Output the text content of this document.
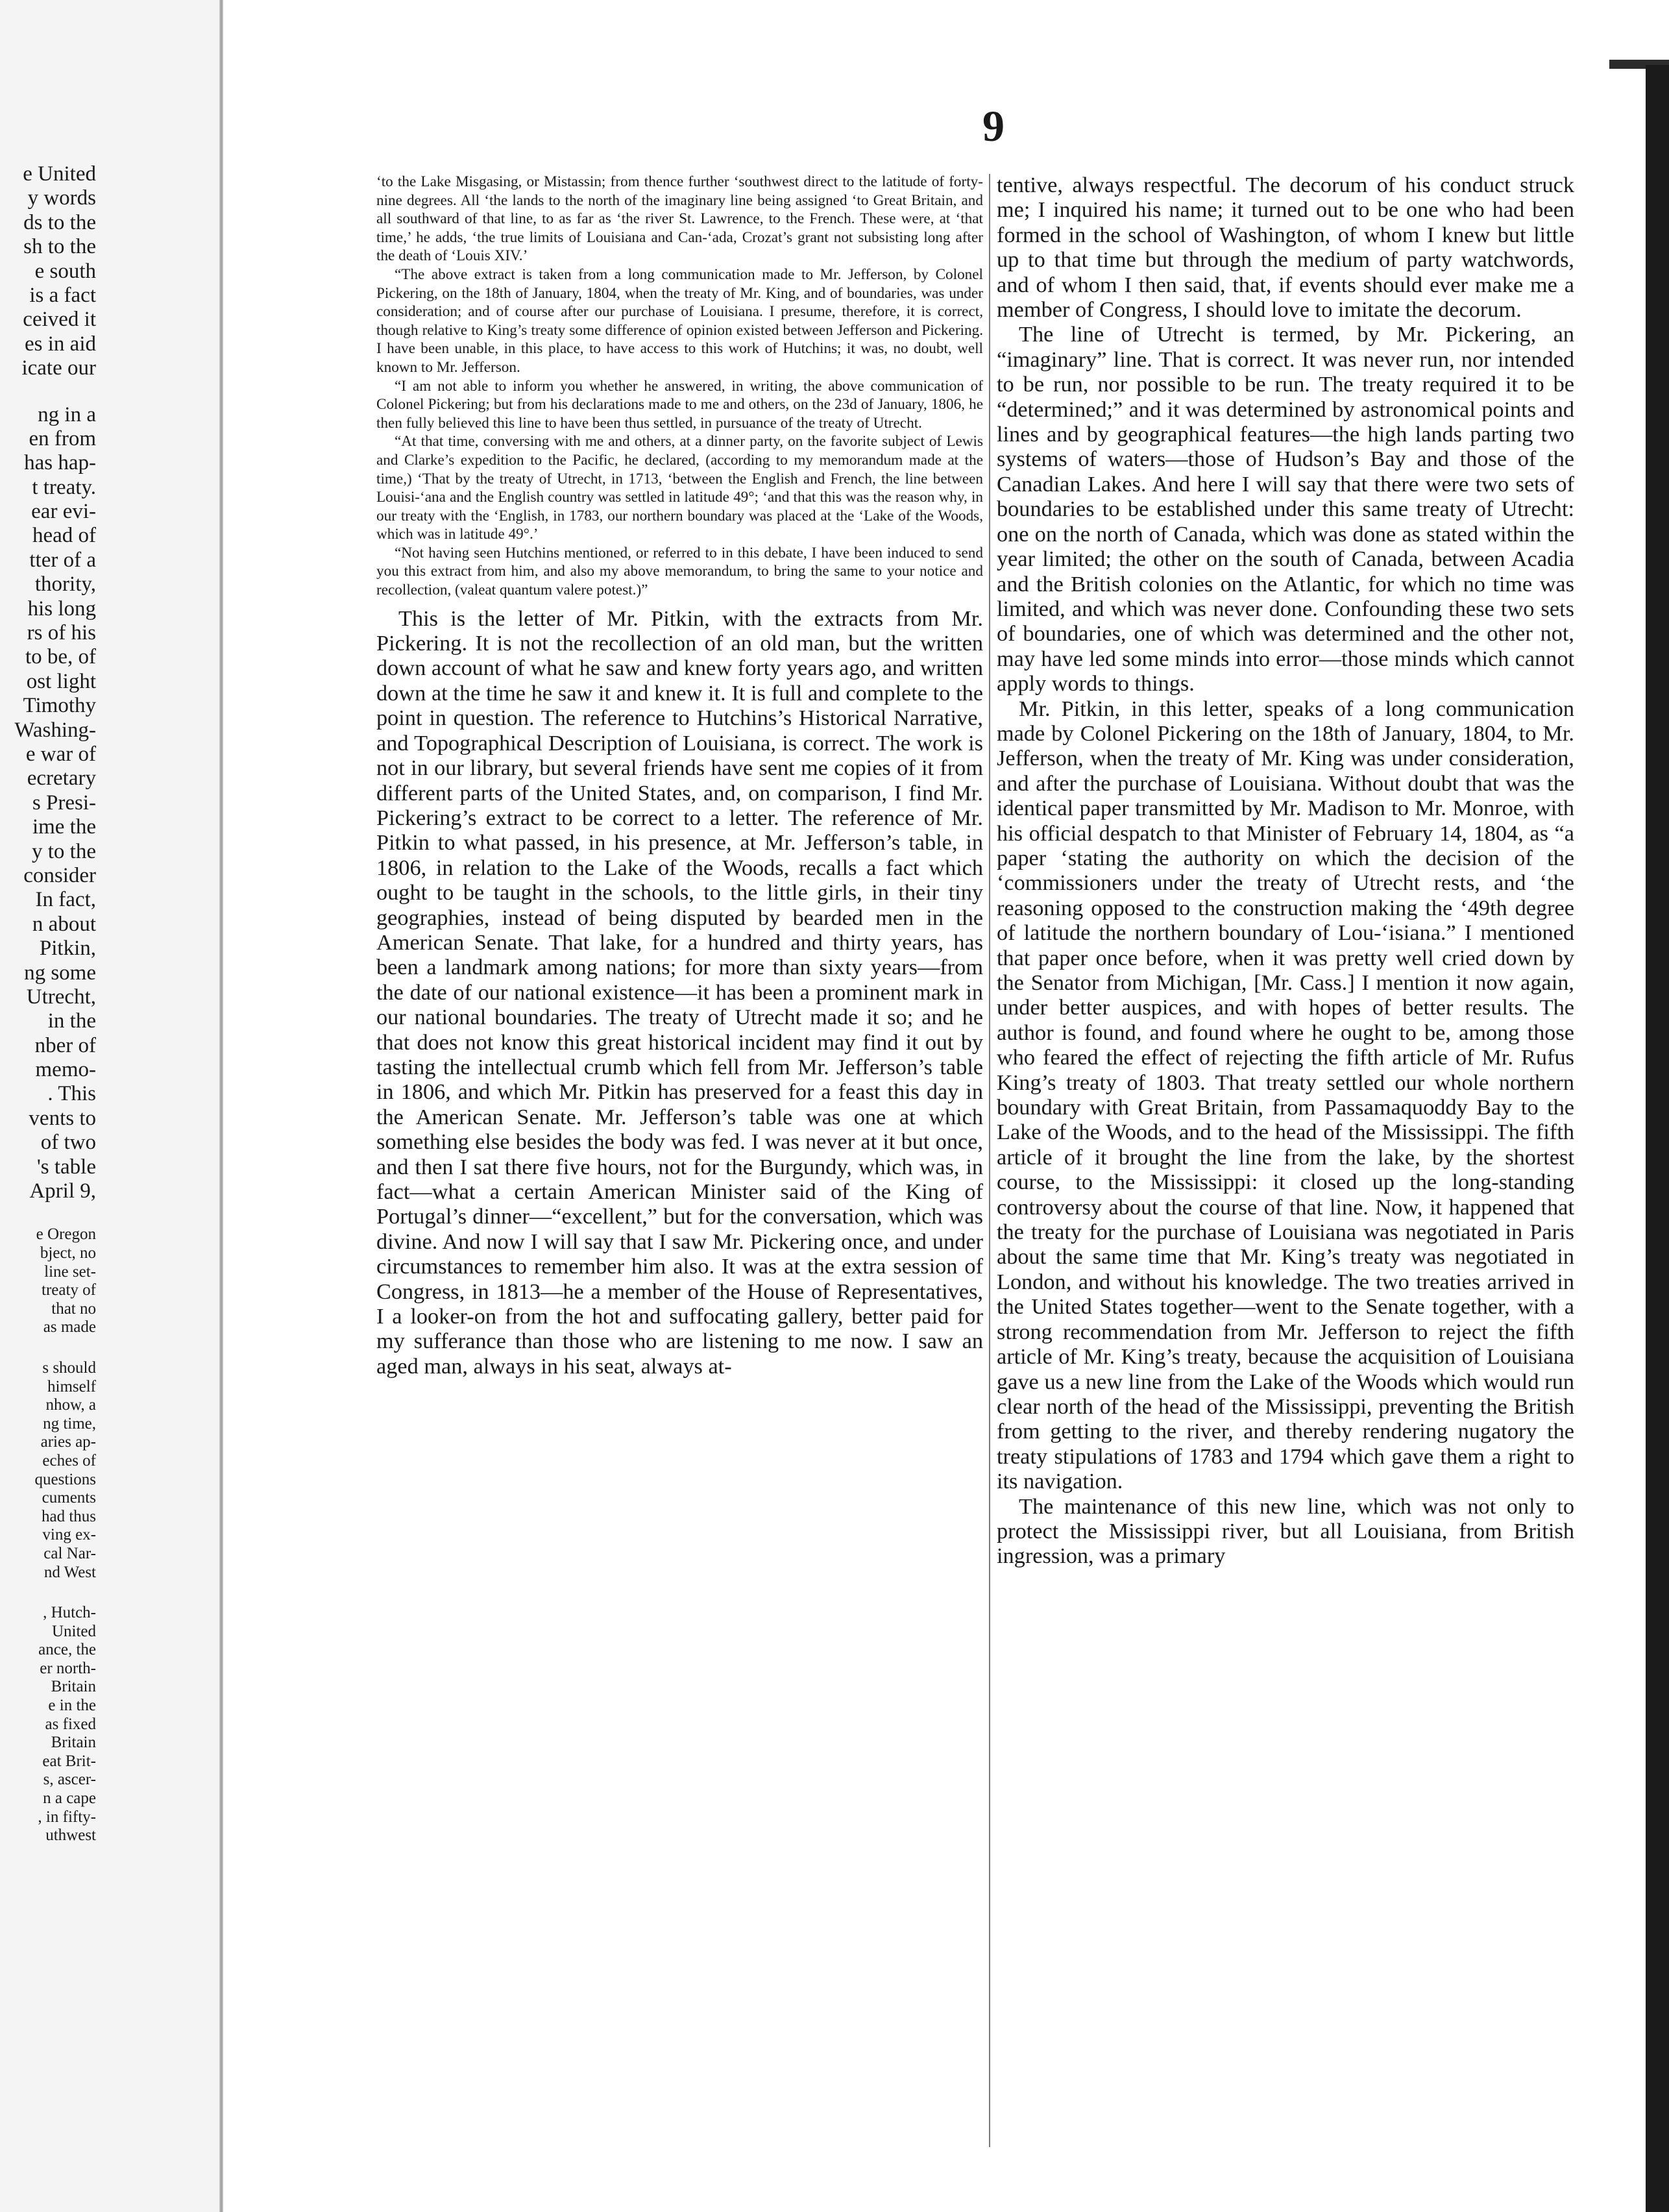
9
e United
y words
ds to the
sh to the
e south
is a fact
ceived it
es in aid
icate our
ng in a
en from
has hap-
t treaty.
ear evi-
head of
tter of a
thority,
his long
rs of his
to be, of
ost light
Timothy
Washing-
e war of
ecretary
s Presi-
ime the
y to the
consider
In fact,
n about
Pitkin,
ng some
Utrecht,
in the
nber of
memo-
. This
vents to
of two
's table
April 9,
e Oregon
bject, no
line set-
treaty of
that no
as made
s should
himself
nhow, a
ng time,
aries ap-
eches of
questions
cuments
had thus
ving ex-
cal Nar-
nd West
, Hutch-
United
ance, the
er north-
Britain
e in the
as fixed
Britain
eat Brit-
s, ascer-
n a cape
, in fifty-
uthwest

‘to the Lake Misgasing, or Mistassin; from thence further ‘southwest direct to the latitude of forty-nine degrees. All ‘the lands to the north of the imaginary line being assigned ‘to Great Britain, and all southward of that line, to as far as ‘the river St. Lawrence, to the French. These were, at ‘that time,’ he adds, ‘the true limits of Louisiana and Can-‘ada, Crozat’s grant not subsisting long after the death of ‘Louis XIV.’

“The above extract is taken from a long communication made to Mr. Jefferson, by Colonel Pickering, on the 18th of January, 1804, when the treaty of Mr. King, and of boundaries, was under consideration; and of course after our purchase of Louisiana. I presume, therefore, it is correct, though relative to King’s treaty some difference of opinion existed between Jefferson and Pickering. I have been unable, in this place, to have access to this work of Hutchins; it was, no doubt, well known to Mr. Jefferson.

“I am not able to inform you whether he answered, in writing, the above communication of Colonel Pickering; but from his declarations made to me and others, on the 23d of January, 1806, he then fully believed this line to have been thus settled, in pursuance of the treaty of Utrecht.

“At that time, conversing with me and others, at a dinner party, on the favorite subject of Lewis and Clarke’s expedition to the Pacific, he declared, (according to my memorandum made at the time,) ‘That by the treaty of Utrecht, in 1713, ‘between the English and French, the line between Louisi-‘ana and the English country was settled in latitude 49°; ‘and that this was the reason why, in our treaty with the ‘English, in 1783, our northern boundary was placed at the ‘Lake of the Woods, which was in latitude 49°.’

“Not having seen Hutchins mentioned, or referred to in this debate, I have been induced to send you this extract from him, and also my above memorandum, to bring the same to your notice and recollection, (valeat quantum valere potest.)”

This is the letter of Mr. Pitkin, with the extracts from Mr. Pickering. It is not the recollection of an old man, but the written down account of what he saw and knew forty years ago, and written down at the time he saw it and knew it. It is full and complete to the point in question. The reference to Hutchins’s Historical Narrative, and Topographical Description of Louisiana, is correct. The work is not in our library, but several friends have sent me copies of it from different parts of the United States, and, on comparison, I find Mr. Pickering’s extract to be correct to a letter. The reference of Mr. Pitkin to what passed, in his presence, at Mr. Jefferson’s table, in 1806, in relation to the Lake of the Woods, recalls a fact which ought to be taught in the schools, to the little girls, in their tiny geographies, instead of being disputed by bearded men in the American Senate. That lake, for a hundred and thirty years, has been a landmark among nations; for more than sixty years—from the date of our national existence—it has been a prominent mark in our national boundaries. The treaty of Utrecht made it so; and he that does not know this great historical incident may find it out by tasting the intellectual crumb which fell from Mr. Jefferson’s table in 1806, and which Mr. Pitkin has preserved for a feast this day in the American Senate. Mr. Jefferson’s table was one at which something else besides the body was fed. I was never at it but once, and then I sat there five hours, not for the Burgundy, which was, in fact—what a certain American Minister said of the King of Portugal’s dinner—“excellent,” but for the conversation, which was divine. And now I will say that I saw Mr. Pickering once, and under circumstances to remember him also. It was at the extra session of Congress, in 1813—he a member of the House of Representatives, I a looker-on from the hot and suffocating gallery, better paid for my sufferance than those who are listening to me now. I saw an aged man, always in his seat, always at-

tentive, always respectful. The decorum of his conduct struck me; I inquired his name; it turned out to be one who had been formed in the school of Washington, of whom I knew but little up to that time but through the medium of party watchwords, and of whom I then said, that, if events should ever make me a member of Congress, I should love to imitate the decorum.

The line of Utrecht is termed, by Mr. Pickering, an “imaginary” line. That is correct. It was never run, nor intended to be run, nor possible to be run. The treaty required it to be “determined;” and it was determined by astronomical points and lines and by geographical features—the high lands parting two systems of waters—those of Hudson’s Bay and those of the Canadian Lakes. And here I will say that there were two sets of boundaries to be established under this same treaty of Utrecht: one on the north of Canada, which was done as stated within the year limited; the other on the south of Canada, between Acadia and the British colonies on the Atlantic, for which no time was limited, and which was never done. Confounding these two sets of boundaries, one of which was determined and the other not, may have led some minds into error—those minds which cannot apply words to things.

Mr. Pitkin, in this letter, speaks of a long communication made by Colonel Pickering on the 18th of January, 1804, to Mr. Jefferson, when the treaty of Mr. King was under consideration, and after the purchase of Louisiana. Without doubt that was the identical paper transmitted by Mr. Madison to Mr. Monroe, with his official despatch to that Minister of February 14, 1804, as “a paper ‘stating the authority on which the decision of the ‘commissioners under the treaty of Utrecht rests, and ‘the reasoning opposed to the construction making the ‘49th degree of latitude the northern boundary of Lou-‘isiana.” I mentioned that paper once before, when it was pretty well cried down by the Senator from Michigan, [Mr. Cass.] I mention it now again, under better auspices, and with hopes of better results. The author is found, and found where he ought to be, among those who feared the effect of rejecting the fifth article of Mr. Rufus King’s treaty of 1803. That treaty settled our whole northern boundary with Great Britain, from Passamaquoddy Bay to the Lake of the Woods, and to the head of the Mississippi. The fifth article of it brought the line from the lake, by the shortest course, to the Mississippi: it closed up the long-standing controversy about the course of that line. Now, it happened that the treaty for the purchase of Louisiana was negotiated in Paris about the same time that Mr. King’s treaty was negotiated in London, and without his knowledge. The two treaties arrived in the United States together—went to the Senate together, with a strong recommendation from Mr. Jefferson to reject the fifth article of Mr. King’s treaty, because the acquisition of Louisiana gave us a new line from the Lake of the Woods which would run clear north of the head of the Mississippi, preventing the British from getting to the river, and thereby rendering nugatory the treaty stipulations of 1783 and 1794 which gave them a right to its navigation.

The maintenance of this new line, which was not only to protect the Mississippi river, but all Louisiana, from British ingression, was a primary
